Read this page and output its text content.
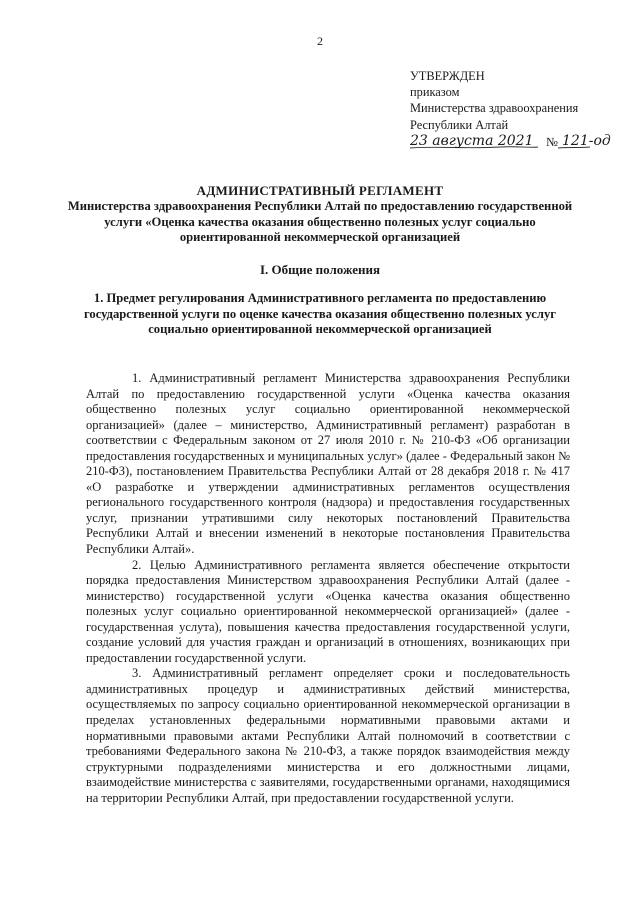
2
УТВЕРЖДЕН
приказом
Министерства здравоохранения
Республики Алтай
23 августа 2021 № 121-од
АДМИНИСТРАТИВНЫЙ РЕГЛАМЕНТ
Министерства здравоохранения Республики Алтай по предоставлению государственной услуги «Оценка качества оказания общественно полезных услуг социально ориентированной некоммерческой организацией
I. Общие положения
1. Предмет регулирования Административного регламента по предоставлению государственной услуги по оценке качества оказания общественно полезных услуг социально ориентированной некоммерческой организацией

1. Административный регламент Министерства здравоохранения Республики Алтай по предоставлению государственной услуги «Оценка качества оказания общественно полезных услуг социально ориентированной некоммерческой организацией» (далее – министерство, Административный регламент) разработан в соответствии с Федеральным законом от 27 июля 2010 г. № 210-ФЗ «Об организации предоставления государственных и муниципальных услуг» (далее - Федеральный закон № 210-ФЗ), постановлением Правительства Республики Алтай от 28 декабря 2018 г. № 417 «О разработке и утверждении административных регламентов осуществления регионального государственного контроля (надзора) и предоставления государственных услуг, признании утратившими силу некоторых постановлений Правительства Республики Алтай и внесении изменений в некоторые постановления Правительства Республики Алтай».

2. Целью Административного регламента является обеспечение открытости порядка предоставления Министерством здравоохранения Республики Алтай (далее - министерство) государственной услуги «Оценка качества оказания общественно полезных услуг социально ориентированной некоммерческой организацией» (далее - государственная услута), повышения качества предоставления государственной услуги, создание условий для участия граждан и организаций в отношениях, возникающих при предоставлении государственной услуги.

3. Административный регламент определяет сроки и последовательность административных процедур и административных действий министерства, осуществляемых по запросу социально ориентированной некоммерческой организации в пределах установленных федеральными нормативными правовыми актами и нормативными правовыми актами Республики Алтай полномочий в соответствии с требованиями Федерального закона № 210-ФЗ, а также порядок взаимодействия между структурными подразделениями министерства и его должностными лицами, взаимодействие министерства с заявителями, государственными органами, находящимися на территории Республики Алтай, при предоставлении государственной услуги.
